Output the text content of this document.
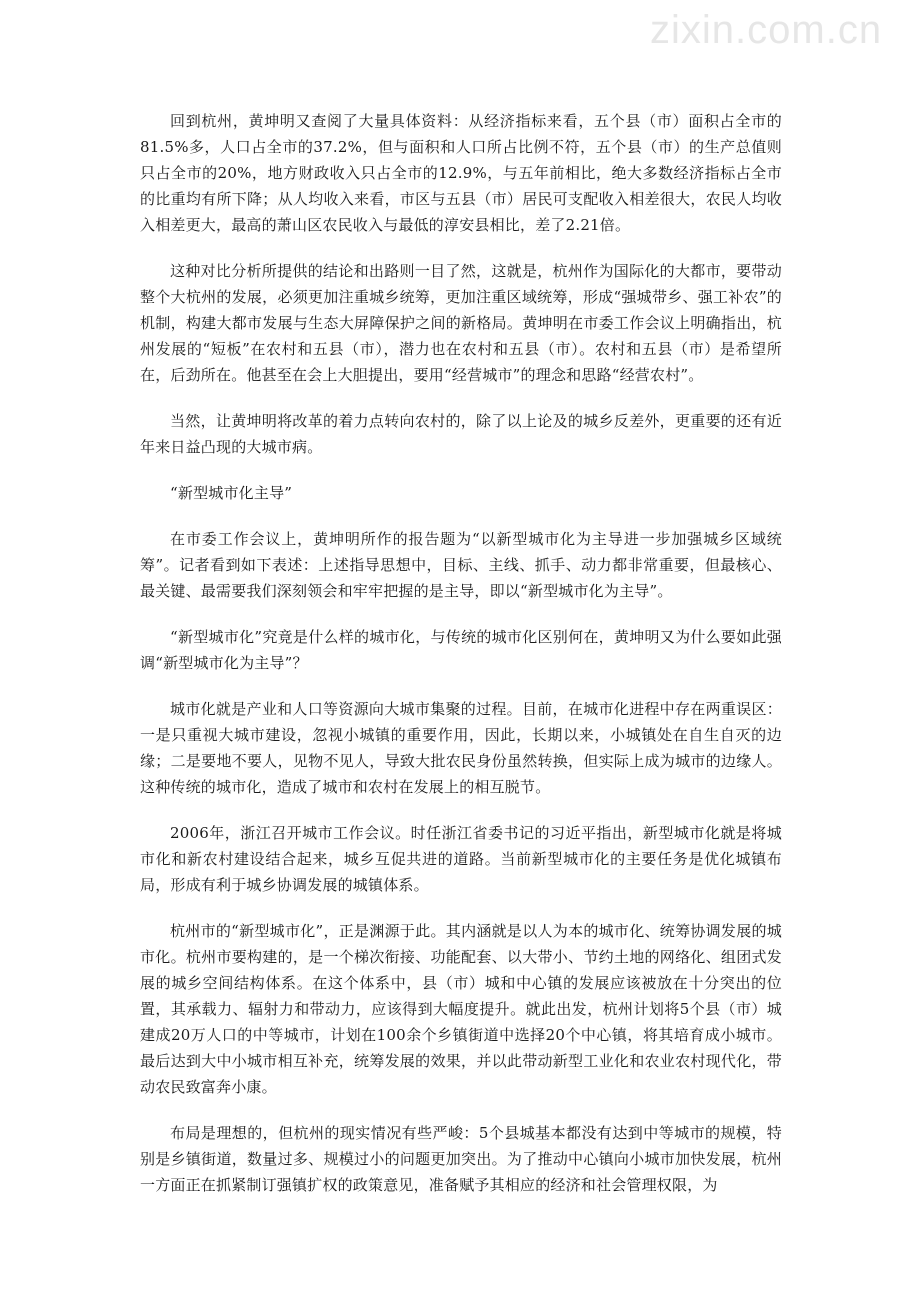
zixin.com.cn

回到杭州，黄坤明又查阅了大量具体资料：从经济指标来看，五个县（市）面积占全市的81.5%多，人口占全市的37.2%，但与面积和人口所占比例不符，五个县（市）的生产总值则只占全市的20%，地方财政收入只占全市的12.9%，与五年前相比，绝大多数经济指标占全市的比重均有所下降；从人均收入来看，市区与五县（市）居民可支配收入相差很大，农民人均收入相差更大，最高的萧山区农民收入与最低的淳安县相比，差了2.21倍。

这种对比分析所提供的结论和出路则一目了然，这就是，杭州作为国际化的大都市，要带动整个大杭州的发展，必须更加注重城乡统筹，更加注重区域统筹，形成“强城带乡、强工补农”的机制，构建大都市发展与生态大屏障保护之间的新格局。黄坤明在市委工作会议上明确指出，杭州发展的“短板”在农村和五县（市），潜力也在农村和五县（市）。农村和五县（市）是希望所在，后劲所在。他甚至在会上大胆提出，要用“经营城市”的理念和思路“经营农村”。

当然，让黄坤明将改革的着力点转向农村的，除了以上论及的城乡反差外，更重要的还有近年来日益凸现的大城市病。

“新型城市化主导”

在市委工作会议上，黄坤明所作的报告题为“以新型城市化为主导进一步加强城乡区域统筹”。记者看到如下表述：上述指导思想中，目标、主线、抓手、动力都非常重要，但最核心、最关键、最需要我们深刻领会和牢牢把握的是主导，即以“新型城市化为主导”。

“新型城市化”究竟是什么样的城市化，与传统的城市化区别何在，黄坤明又为什么要如此强调“新型城市化为主导”？

城市化就是产业和人口等资源向大城市集聚的过程。目前，在城市化进程中存在两重误区：一是只重视大城市建设，忽视小城镇的重要作用，因此，长期以来，小城镇处在自生自灭的边缘；二是要地不要人，见物不见人，导致大批农民身份虽然转换，但实际上成为城市的边缘人。这种传统的城市化，造成了城市和农村在发展上的相互脱节。

2006年，浙江召开城市工作会议。时任浙江省委书记的习近平指出，新型城市化就是将城市化和新农村建设结合起来，城乡互促共进的道路。当前新型城市化的主要任务是优化城镇布局，形成有利于城乡协调发展的城镇体系。

杭州市的“新型城市化”，正是渊源于此。其内涵就是以人为本的城市化、统筹协调发展的城市化。杭州市要构建的，是一个梯次衔接、功能配套、以大带小、节约土地的网络化、组团式发展的城乡空间结构体系。在这个体系中，县（市）城和中心镇的发展应该被放在十分突出的位置，其承载力、辐射力和带动力，应该得到大幅度提升。就此出发，杭州计划将5个县（市）城建成20万人口的中等城市，计划在100余个乡镇街道中选择20个中心镇，将其培育成小城市。最后达到大中小城市相互补充，统筹发展的效果，并以此带动新型工业化和农业农村现代化，带动农民致富奔小康。

布局是理想的，但杭州的现实情况有些严峻：5个县城基本都没有达到中等城市的规模，特别是乡镇街道，数量过多、规模过小的问题更加突出。为了推动中心镇向小城市加快发展，杭州一方面正在抓紧制订强镇扩权的政策意见，准备赋予其相应的经济和社会管理权限，为
